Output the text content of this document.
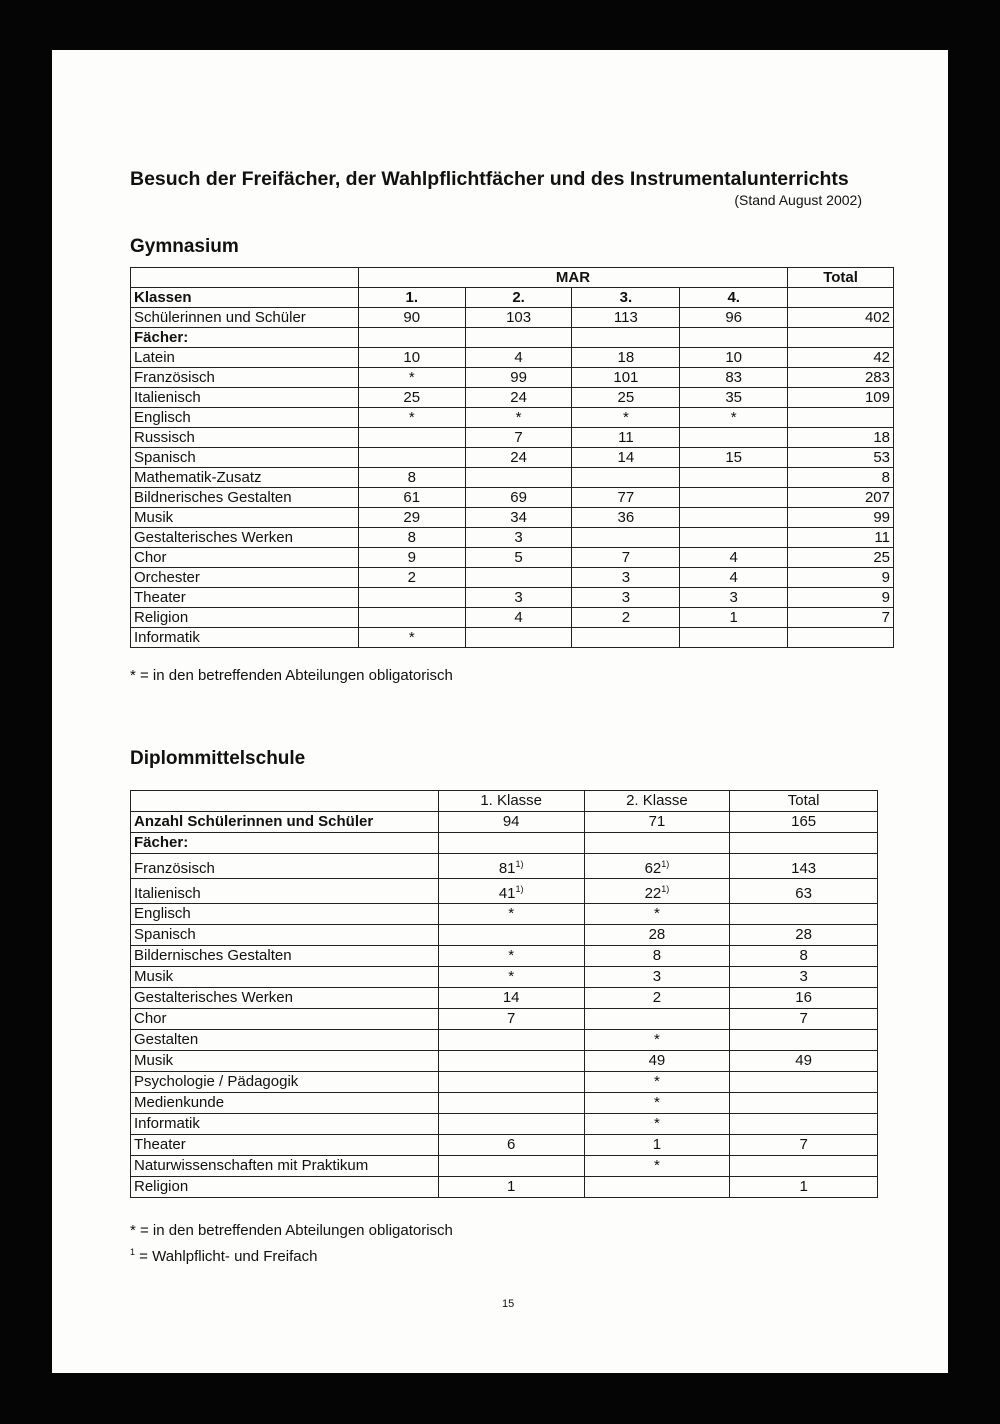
Besuch der Freifächer, der Wahlpflichtfächer und des Instrumentalunterrichts
(Stand August 2002)
Gymnasium
	MAR				Total
Klassen	1.	2.	3.	4.	
Schülerinnen und Schüler	90	103	113	96	402
Fächer:					
Latein	10	4	18	10	42
Französisch	*	99	101	83	283
Italienisch	25	24	25	35	109
Englisch	*	*	*	*	
Russisch		7	11		18
Spanisch		24	14	15	53
Mathematik-Zusatz	8				8
Bildnerisches Gestalten	61	69	77		207
Musik	29	34	36		99
Gestalterisches Werken	8	3			11
Chor	9	5	7	4	25
Orchester	2		3	4	9
Theater		3	3	3	9
Religion		4	2	1	7
Informatik	*				
* = in den betreffenden Abteilungen obligatorisch
Diplommittelschule
	1. Klasse	2. Klasse	Total
Anzahl Schülerinnen und Schüler	94	71	165
Fächer:			
Französisch	81$^{1)}$	62$^{1)}$	143
Italienisch	41$^{1)}$	22$^{1)}$	63
Englisch	*	*	
Spanisch		28	28
Bildernisches Gestalten	*	8	8
Musik	*	3	3
Gestalterisches Werken	14	2	16
Chor	7		7
Gestalten		*	
Musik		49	49
Psychologie / Pädagogik		*	
Medienkunde		*	
Informatik		*	
Theater	6	1	7
Naturwissenschaften mit Praktikum		*	
Religion	1		1
* = in den betreffenden Abteilungen obligatorisch
$^1$ = Wahlpflicht- und Freifach
15
